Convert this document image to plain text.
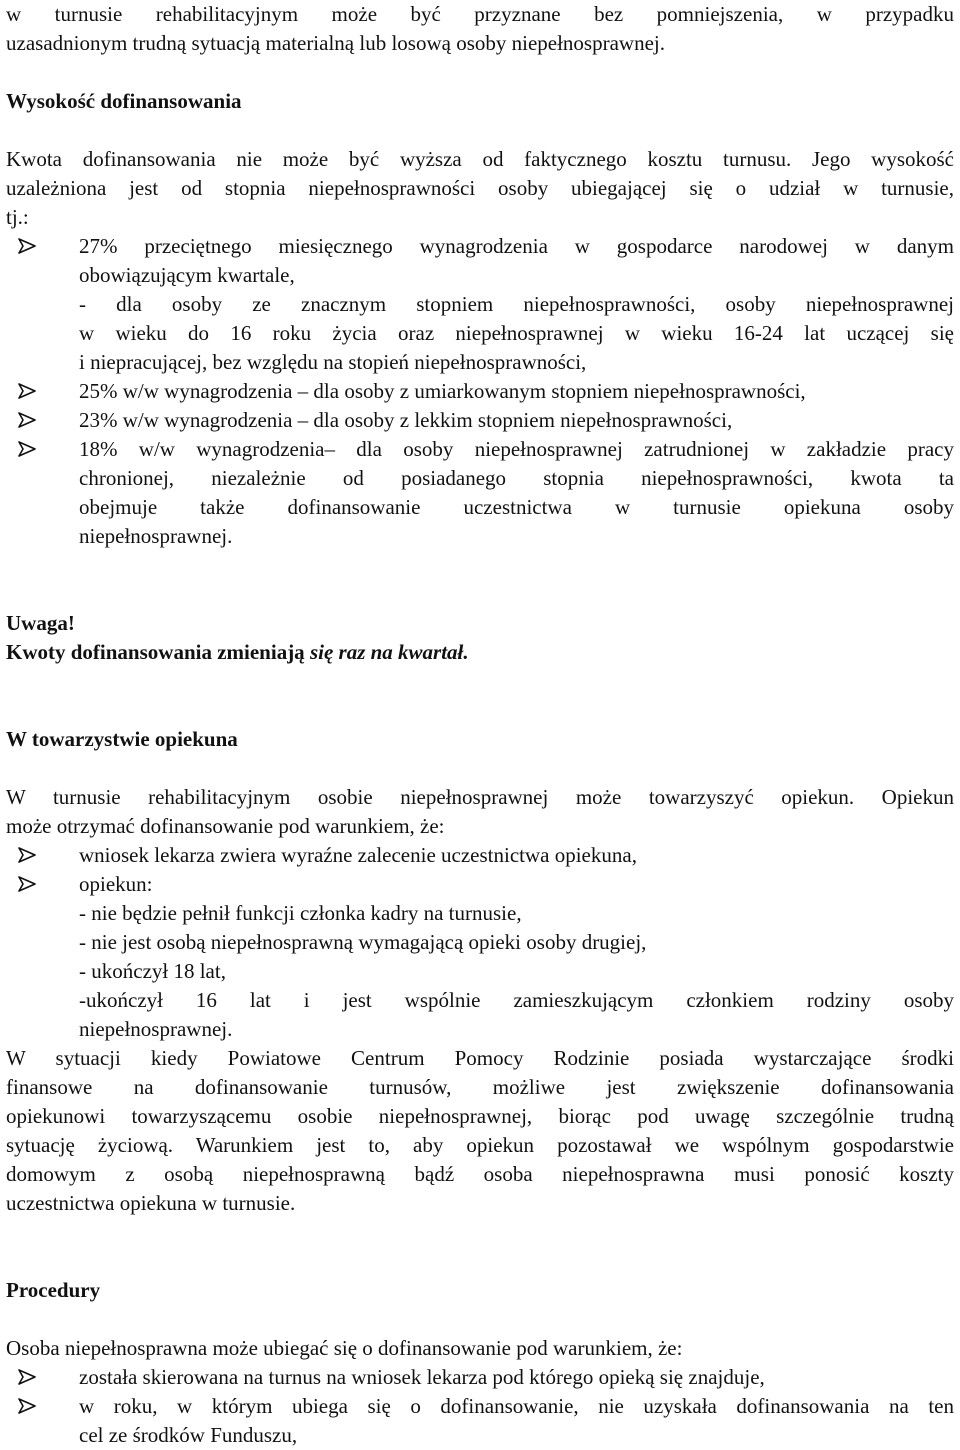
w turnusie rehabilitacyjnym może być przyznane bez pomniejszenia, w przypadku

uzasadnionym trudną sytuacją materialną lub losową osoby niepełnosprawnej.

Wysokość dofinansowania

Kwota dofinansowania nie może być wyższa od faktycznego kosztu turnusu. Jego wysokość

uzależniona jest od stopnia niepełnosprawności osoby ubiegającej się o udział w turnusie,

tj.:

27% przeciętnego miesięcznego wynagrodzenia w gospodarce narodowej w danym

obowiązującym kwartale,

- dla osoby ze znacznym stopniem niepełnosprawności, osoby niepełnosprawnej

w wieku do 16 roku życia oraz niepełnosprawnej w wieku 16-24 lat uczącej się

i niepracującej, bez względu na stopień niepełnosprawności,

25% w/w wynagrodzenia – dla osoby z umiarkowanym stopniem niepełnosprawności,

23% w/w wynagrodzenia – dla osoby z lekkim stopniem niepełnosprawności,

18% w/w wynagrodzenia– dla osoby niepełnosprawnej zatrudnionej w zakładzie pracy

chronionej, niezależnie od posiadanego stopnia niepełnosprawności, kwota ta

obejmuje także dofinansowanie uczestnictwa w turnusie opiekuna osoby

niepełnosprawnej.

Uwaga!

Kwoty dofinansowania zmieniają się raz na kwartał.

W towarzystwie opiekuna

W turnusie rehabilitacyjnym osobie niepełnosprawnej może towarzyszyć opiekun. Opiekun

może otrzymać dofinansowanie pod warunkiem, że:

wniosek lekarza zwiera wyraźne zalecenie uczestnictwa opiekuna,

opiekun:

- nie będzie pełnił funkcji członka kadry na turnusie,

- nie jest osobą niepełnosprawną wymagającą opieki osoby drugiej,

- ukończył 18 lat,

-ukończył 16 lat i jest wspólnie zamieszkującym członkiem rodziny osoby

niepełnosprawnej.

W sytuacji kiedy Powiatowe Centrum Pomocy Rodzinie posiada wystarczające środki

finansowe na dofinansowanie turnusów, możliwe jest zwiększenie dofinansowania

opiekunowi towarzyszącemu osobie niepełnosprawnej, biorąc pod uwagę szczególnie trudną

sytuację życiową. Warunkiem jest to, aby opiekun pozostawał we wspólnym gospodarstwie

domowym z osobą niepełnosprawną bądź osoba niepełnosprawna musi ponosić koszty

uczestnictwa opiekuna w turnusie.

Procedury

Osoba niepełnosprawna może ubiegać się o dofinansowanie pod warunkiem, że:

została skierowana na turnus na wniosek lekarza pod którego opieką się znajduje,

w roku, w którym ubiega się o dofinansowanie, nie uzyskała dofinansowania na ten

cel ze środków Funduszu,
